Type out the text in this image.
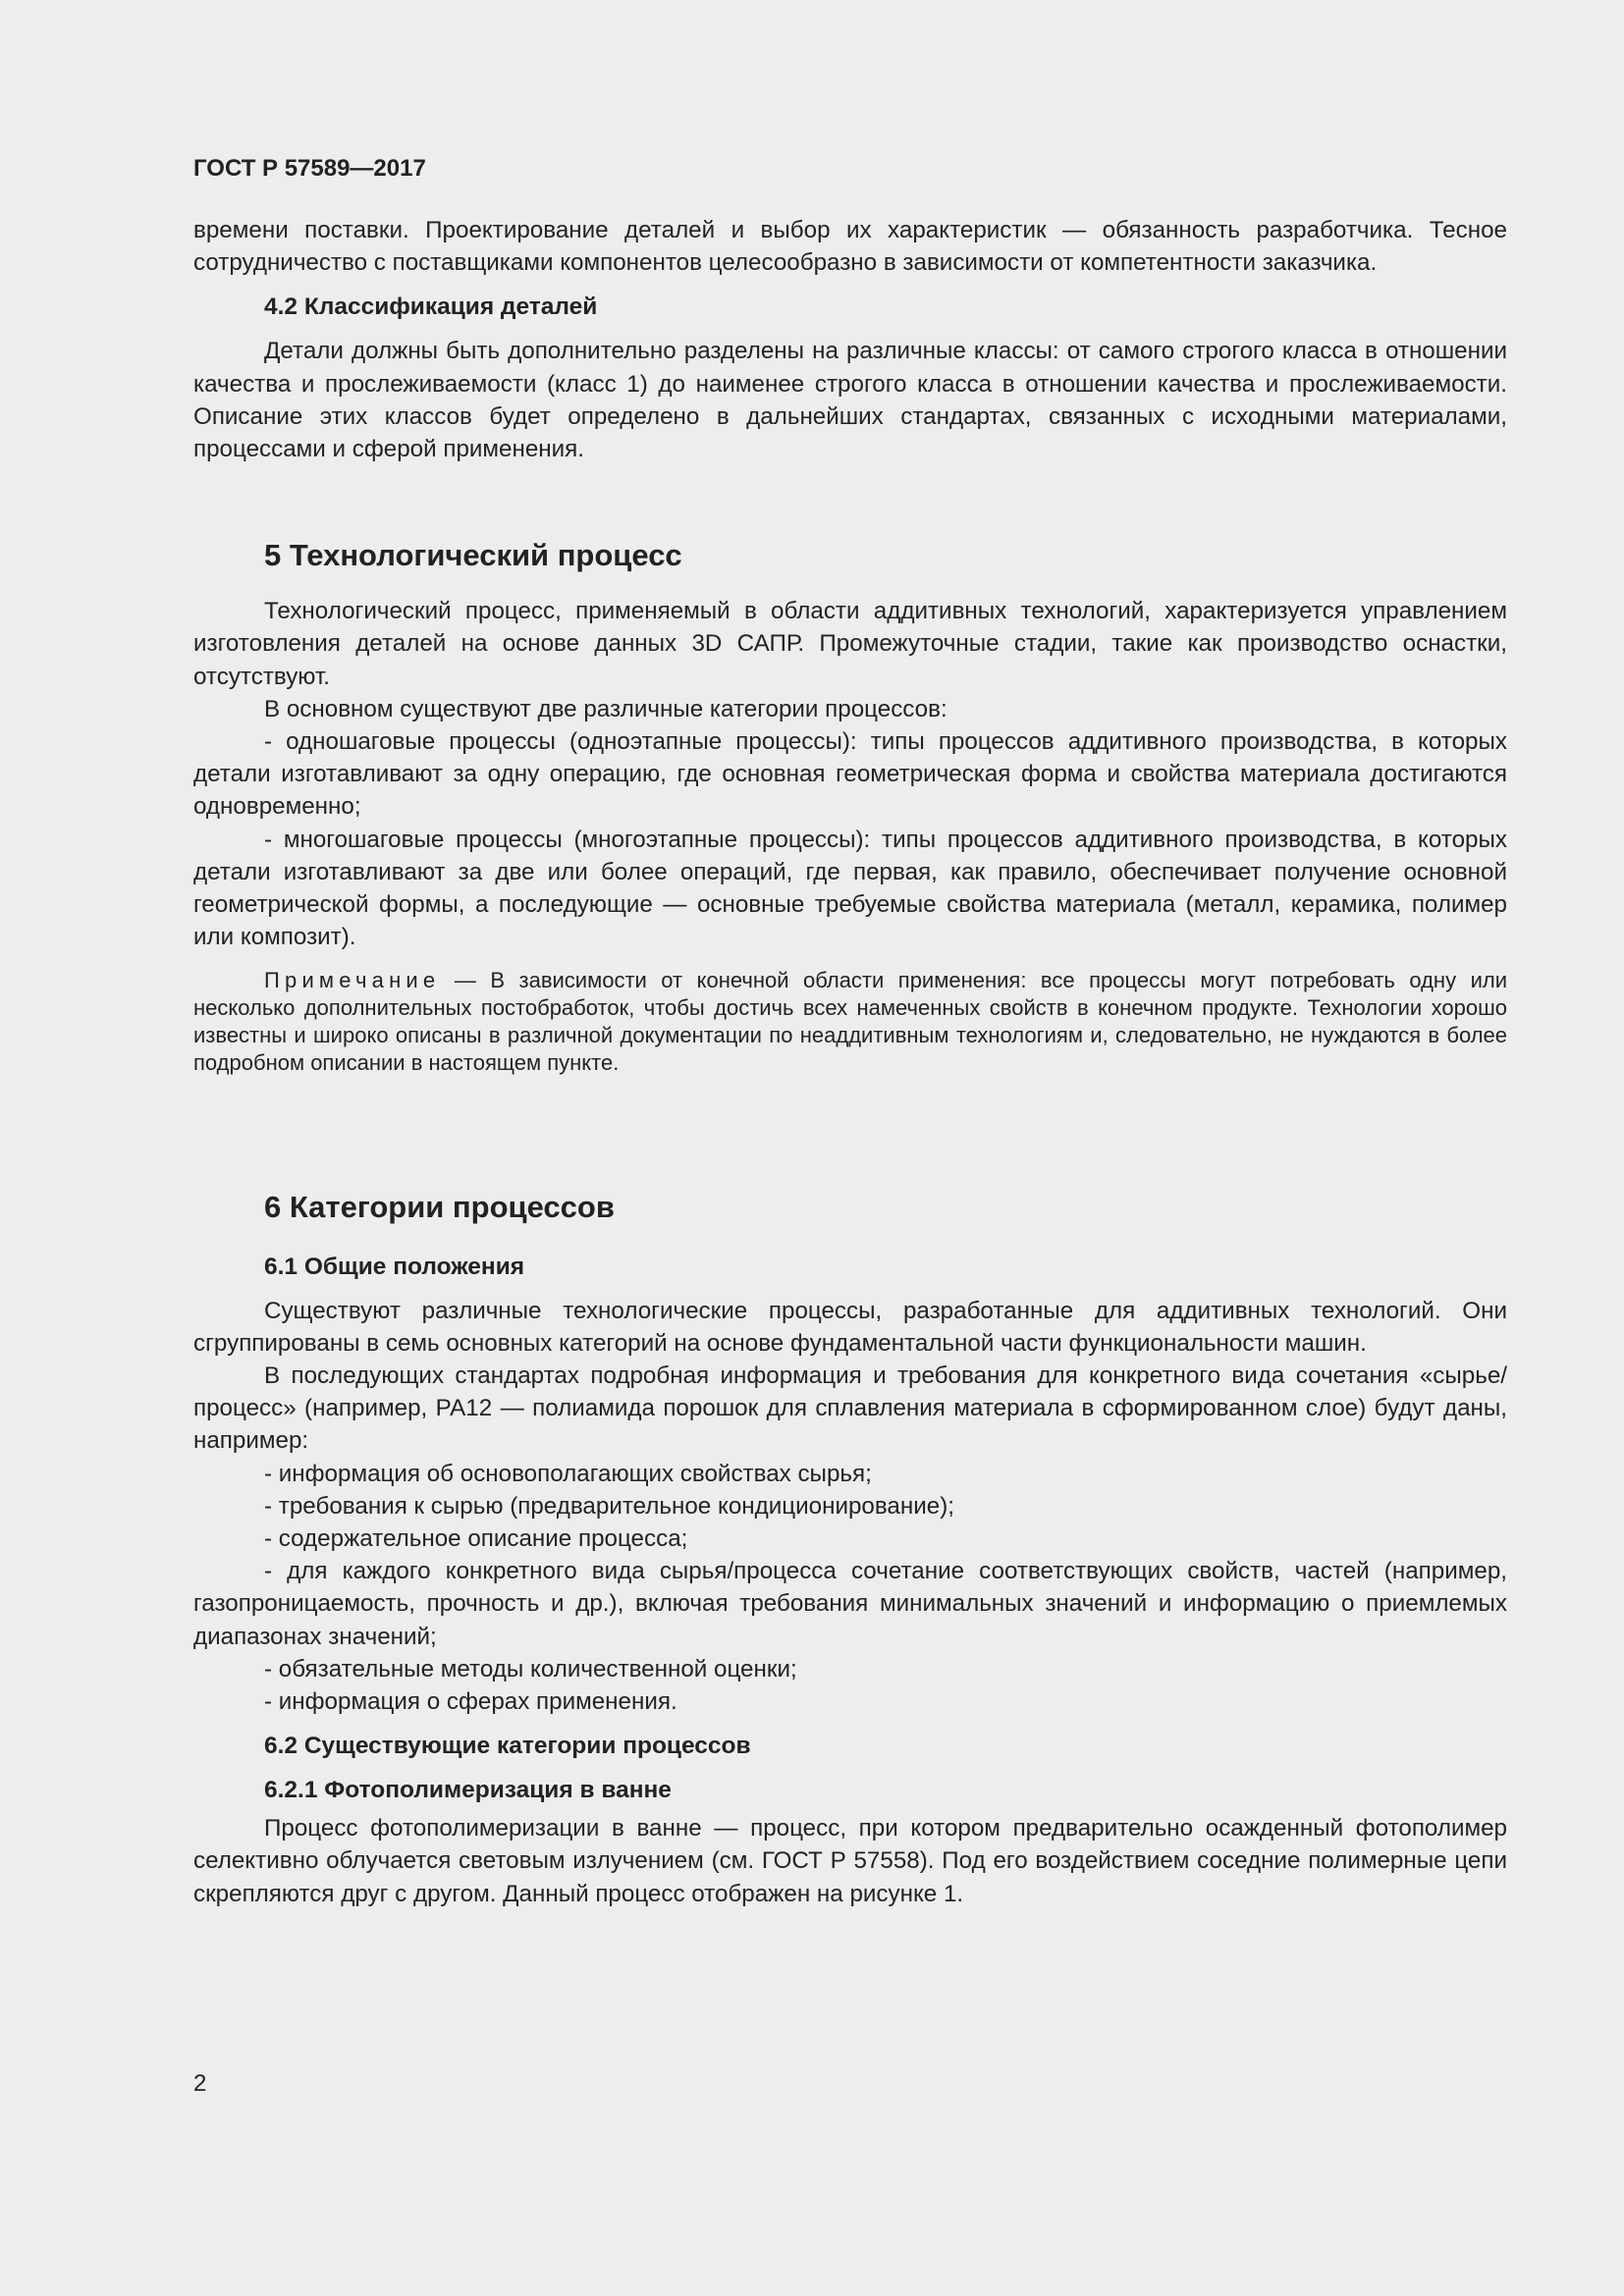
ГОСТ Р 57589—2017

времени поставки. Проектирование деталей и выбор их характеристик — обязанность разработчика. Тесное сотрудничество с поставщиками компонентов целесообразно в зависимости от компетентности заказчика.

4.2 Классификация деталей

Детали должны быть дополнительно разделены на различные классы: от самого строгого класса в отношении качества и прослеживаемости (класс 1) до наименее строгого класса в отношении качества и прослеживаемости. Описание этих классов будет определено в дальнейших стандартах, связанных с исходными материалами, процессами и сферой применения.

5 Технологический процесс

Технологический процесс, применяемый в области аддитивных технологий, характеризуется управлением изготовления деталей на основе данных 3D САПР. Промежуточные стадии, такие как производство оснастки, отсутствуют.

В основном существуют две различные категории процессов:

- одношаговые процессы (одноэтапные процессы): типы процессов аддитивного производства, в которых детали изготавливают за одну операцию, где основная геометрическая форма и свойства материала достигаются одновременно;

- многошаговые процессы (многоэтапные процессы): типы процессов аддитивного производства, в которых детали изготавливают за две или более операций, где первая, как правило, обеспечивает получение основной геометрической формы, а последующие — основные требуемые свойства материала (металл, керамика, полимер или композит).

Примечание — В зависимости от конечной области применения: все процессы могут потребовать одну или несколько дополнительных постобработок, чтобы достичь всех намеченных свойств в конечном продукте. Технологии хорошо известны и широко описаны в различной документации по неаддитивным технологиям и, следовательно, не нуждаются в более подробном описании в настоящем пункте.
6 Категории процессов
6.1 Общие положения

Существуют различные технологические процессы, разработанные для аддитивных технологий. Они сгруппированы в семь основных категорий на основе фундаментальной части функциональности машин.

В последующих стандартах подробная информация и требования для конкретного вида сочетания «сырье/процесс» (например, РА12 — полиамида порошок для сплавления материала в сформированном слое) будут даны, например:

- информация об основополагающих свойствах сырья;

- требования к сырью (предварительное кондиционирование);

- содержательное описание процесса;

- для каждого конкретного вида сырья/процесса сочетание соответствующих свойств, частей (например, газопроницаемость, прочность и др.), включая требования минимальных значений и информацию о приемлемых диапазонах значений;

- обязательные методы количественной оценки;

- информация о сферах применения.

6.2 Существующие категории процессов
6.2.1 Фотополимеризация в ванне

Процесс фотополимеризации в ванне — процесс, при котором предварительно осажденный фотополимер селективно облучается световым излучением (см. ГОСТ Р 57558). Под его воздействием соседние полимерные цепи скрепляются друг с другом. Данный процесс отображен на рисунке 1.

2
